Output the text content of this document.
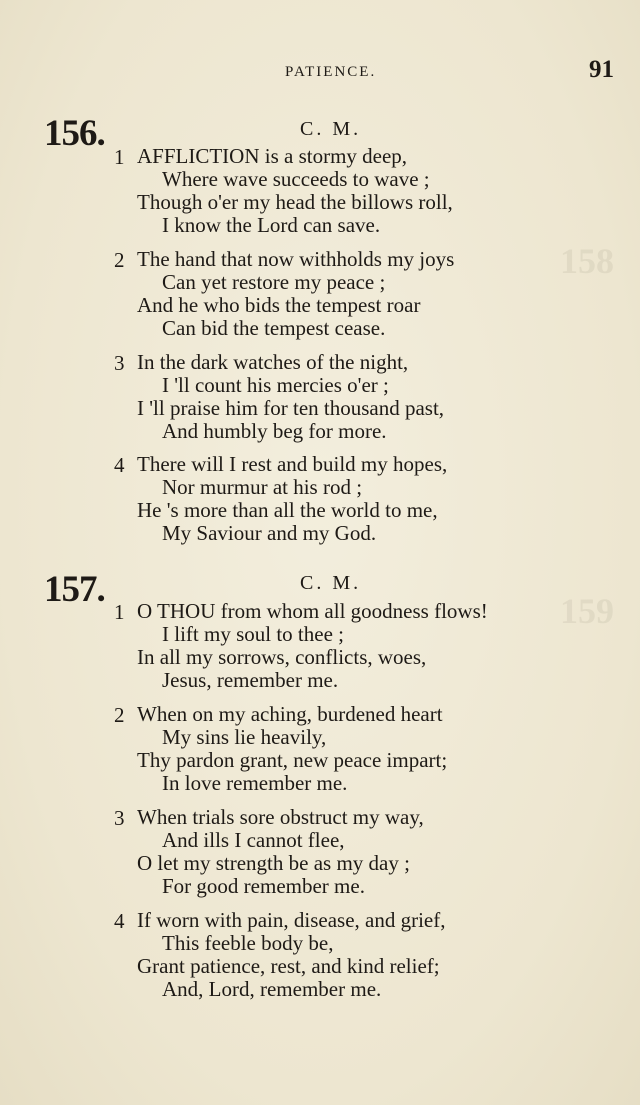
158
159
PATIENCE.	91
156.	C. M.
1 AFFLICTION is a stormy deep,
Where wave succeeds to wave ;
Though o'er my head the billows roll,
I know the Lord can save.
2 The hand that now withholds my joys
Can yet restore my peace ;
And he who bids the tempest roar
Can bid the tempest cease.
3 In the dark watches of the night,
I 'll count his mercies o'er ;
I 'll praise him for ten thousand past,
And humbly beg for more.
4 There will I rest and build my hopes,
Nor murmur at his rod ;
He 's more than all the world to me,
My Saviour and my God.
157.	C. M.
1 O THOU from whom all goodness flows!
I lift my soul to thee ;
In all my sorrows, conflicts, woes,
Jesus, remember me.
2 When on my aching, burdened heart
My sins lie heavily,
Thy pardon grant, new peace impart;
In love remember me.
3 When trials sore obstruct my way,
And ills I cannot flee,
O let my strength be as my day ;
For good remember me.
4 If worn with pain, disease, and grief,
This feeble body be,
Grant patience, rest, and kind relief;
And, Lord, remember me.
